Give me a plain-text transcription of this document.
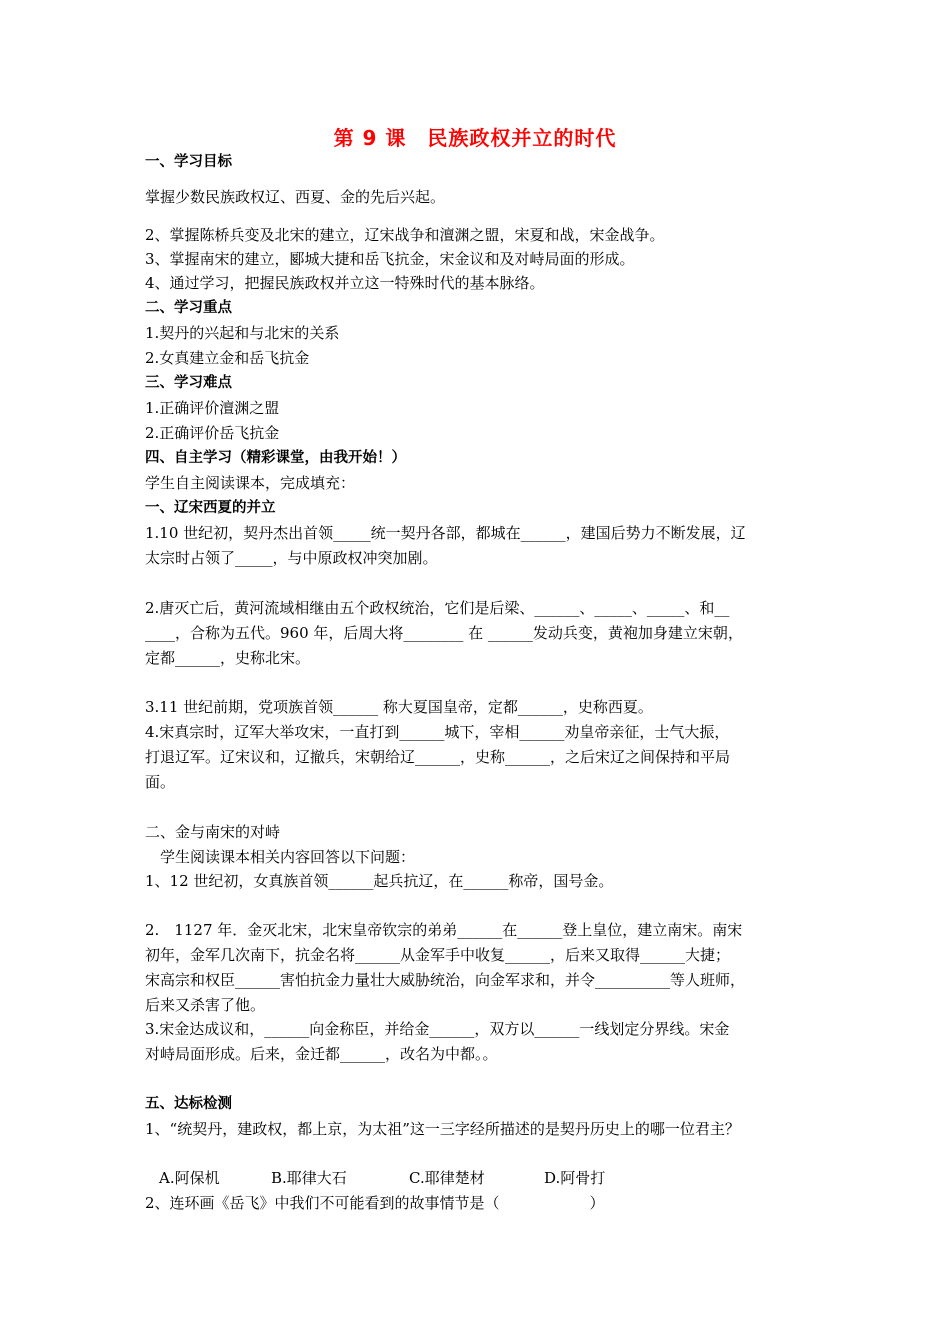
第 9 课　民族政权并立的时代
一、学习目标
掌握少数民族政权辽、西夏、金的先后兴起。
2、掌握陈桥兵变及北宋的建立，辽宋战争和澶渊之盟，宋夏和战，宋金战争。
3、掌握南宋的建立，郾城大捷和岳飞抗金，宋金议和及对峙局面的形成。
4、通过学习，把握民族政权并立这一特殊时代的基本脉络。
二、学习重点
1.契丹的兴起和与北宋的关系
2.女真建立金和岳飞抗金
三、学习难点
1.正确评价澶渊之盟
2.正确评价岳飞抗金
四、自主学习（精彩课堂，由我开始！）
学生自主阅读课本，完成填充：
一、辽宋西夏的并立
1.10 世纪初，契丹杰出首领_____统一契丹各部，都城在______，建国后势力不断发展，辽
太宗时占领了_____，与中原政权冲突加剧。
2.唐灭亡后，黄河流域相继由五个政权统治，它们是后梁、______、_____、_____、和__
____，合称为五代。960 年，后周大将________ 在 ______发动兵变，黄袍加身建立宋朝，
定都______，史称北宋。
3.11 世纪前期，党项族首领______ 称大夏国皇帝，定都______，史称西夏。
4.宋真宗时，辽军大举攻宋，一直打到______城下，宰相______劝皇帝亲征，士气大振，
打退辽军。辽宋议和，辽撤兵，宋朝给辽______，史称______，之后宋辽之间保持和平局
面。
二、金与南宋的对峙
　学生阅读课本相关内容回答以下问题：
1、12 世纪初，女真族首领______起兵抗辽，在______称帝，国号金。
2.　1127 年．金灭北宋，北宋皇帝钦宗的弟弟______在______登上皇位，建立南宋。南宋
初年，金军几次南下，抗金名将______从金军手中收复______，后来又取得______大捷；
宋高宗和权臣______害怕抗金力量壮大威胁统治，向金军求和，并令__________等人班师，
后来又杀害了他。
3.宋金达成议和，______向金称臣，并给金______，双方以______一线划定分界线。宋金
对峙局面形成。后来，金迁都______，改名为中都。。
五、达标检测
1、“统契丹，建政权，都上京，为太祖”这一三字经所描述的是契丹历史上的哪一位君主？
A.阿保机	B.耶律大石	C.耶律楚材	D.阿骨打
2、连环画《岳飞》中我们不可能看到的故事情节是（　　　　　　）
